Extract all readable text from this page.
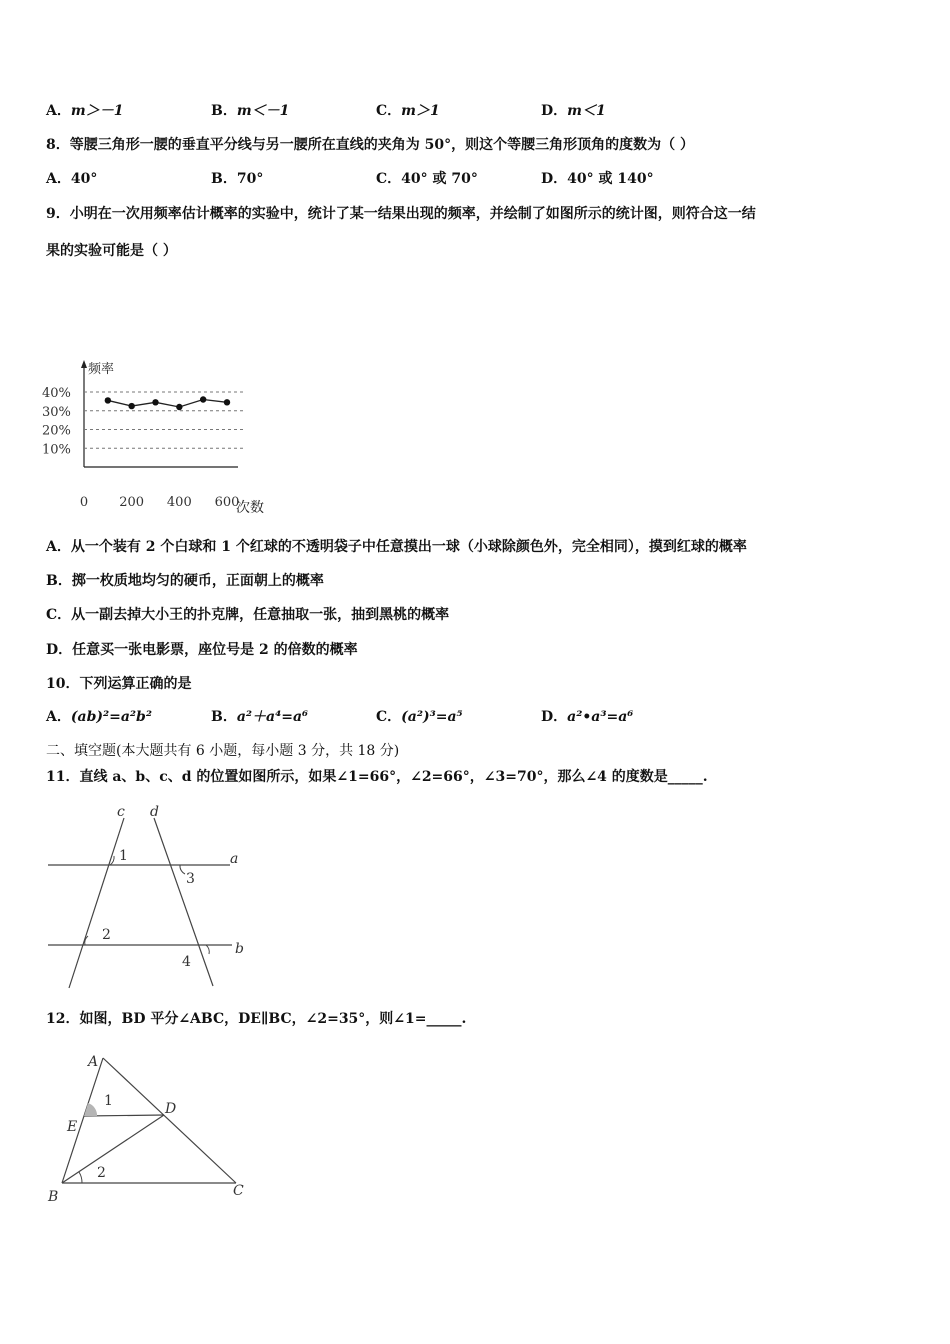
A．m＞－1	B．m＜－1	C．m＞1	D．m＜1
8．等腰三角形一腰的垂直平分线与另一腰所在直线的夹角为 50°，则这个等腰三角形顶角的度数为（ ）
A．40°	B．70°	C．40° 或 70°	D．40° 或 140°
9．小明在一次用频率估计概率的实验中，统计了某一结果出现的频率，并绘制了如图所示的统计图，则符合这一结
果的实验可能是（ ）
10%
20%
30%
40%
0 200 400 600
频率
次数
A．从一个装有 2 个白球和 1 个红球的不透明袋子中任意摸出一球（小球除颜色外，完全相同），摸到红球的概率
B．掷一枚质地均匀的硬币，正面朝上的概率
C．从一副去掉大小王的扑克牌，任意抽取一张，抽到黑桃的概率
D．任意买一张电影票，座位号是 2 的倍数的概率
10．下列运算正确的是
A．(ab)²=a²b²	B．a²＋a⁴=a⁶	C．(a²)³=a⁵	D．a²•a³=a⁶
二、填空题(本大题共有 6 小题，每小题 3 分，共 18 分)
11．直线 a、b、c、d 的位置如图所示，如果∠1=66°，∠2=66°，∠3=70°，那么∠4 的度数是_____.
c d
a
b
1
3
2
4
12．如图，BD 平分∠ABC，DE∥BC，∠2=35°，则∠1=_____.
A
B	C
D
E
1
2
